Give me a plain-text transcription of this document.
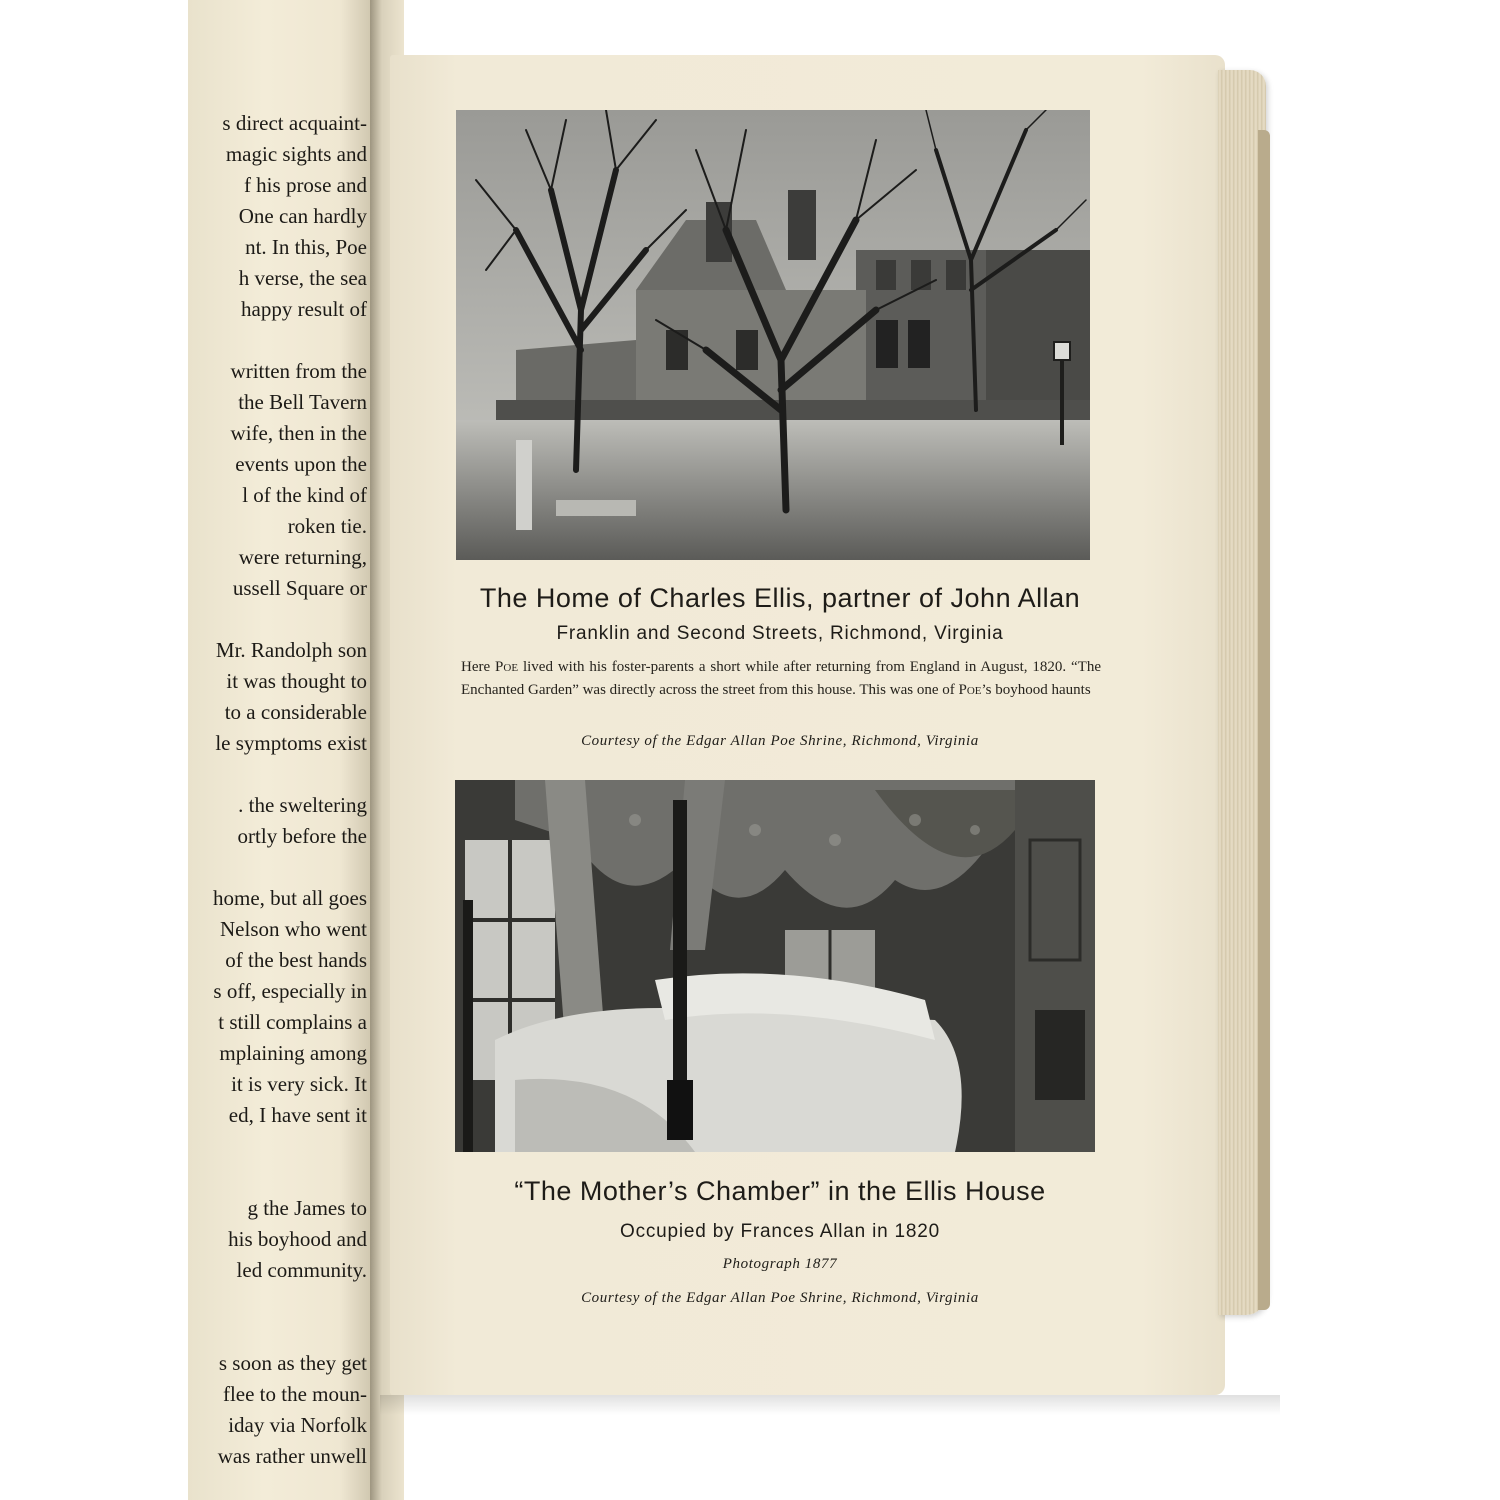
s direct acquaint-
magic sights and
f his prose and
One can hardly
nt. In this, Poe
h verse, the sea
happy result of
written from the
the Bell Tavern
wife, then in the
events upon the
l of the kind of
roken tie.
were returning,
ussell Square or
Mr. Randolph son
it was thought to
to a considerable
le symptoms exist
. the sweltering
ortly before the
home, but all goes
Nelson who went
of the best hands
s off, especially in
t still complains a
mplaining among
it is very sick. It
ed, I have sent it
g the James to
his boyhood and
led community.
s soon as they get
flee to the moun-
iday via Norfolk
was rather unwell
The Home of Charles Ellis, partner of John Allan
Franklin and Second Streets, Richmond, Virginia
Here Poe lived with his foster-parents a short while after returning from England in August, 1820. “The Enchanted Garden” was directly across the street from this house. This was one of Poe’s boyhood haunts
Courtesy of the Edgar Allan Poe Shrine, Richmond, Virginia
“The Mother’s Chamber” in the Ellis House
Occupied by Frances Allan in 1820
Photograph 1877
Courtesy of the Edgar Allan Poe Shrine, Richmond, Virginia
